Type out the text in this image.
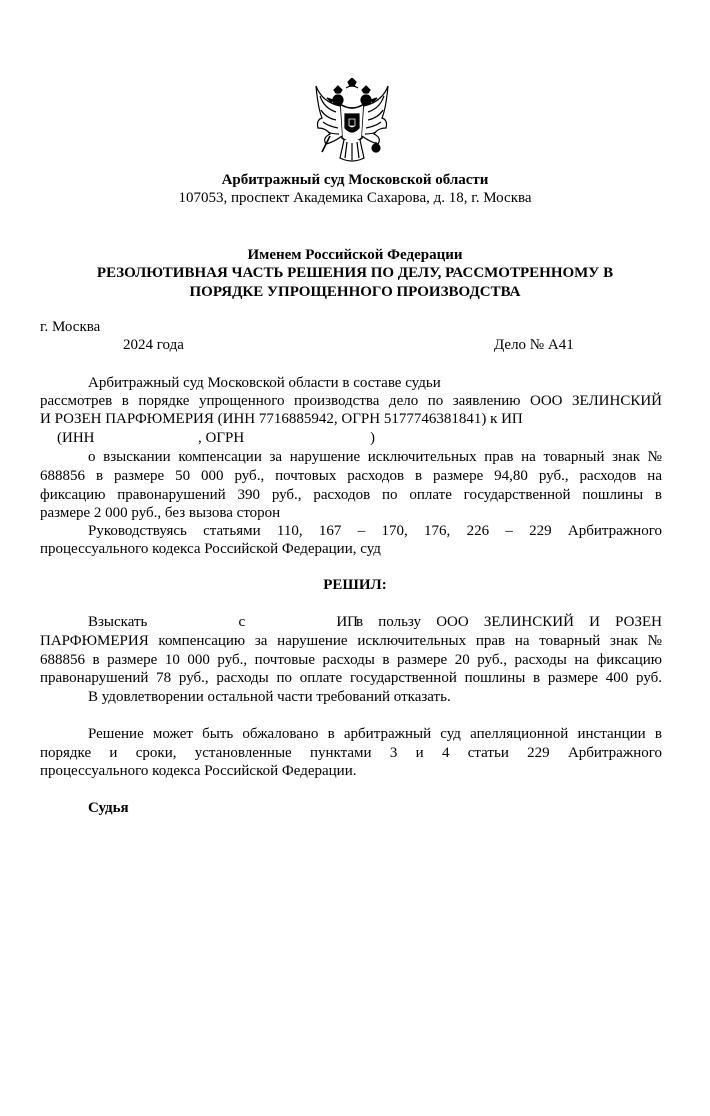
Арбитражный суд Московской области
107053, проспект Академика Сахарова, д. 18, г. Москва
Именем Российской Федерации
РЕЗОЛЮТИВНАЯ ЧАСТЬ РЕШЕНИЯ ПО ДЕЛУ, РАССМОТРЕННОМУ В
ПОРЯДКЕ УПРОЩЕННОГО ПРОИЗВОДСТВА
г. Москва
2024 года	Дело № А41
Арбитражный суд Московской области в составе судьи
рассмотрев в порядке упрощенного производства дело по заявлению ООО ЗЕЛИНСКИЙ
И РОЗЕН ПАРФЮМЕРИЯ (ИНН 7716885942, ОГРН 5177746381841) к ИП
(ИНН	, ОГРН	)
о взыскании компенсации за нарушение исключительных прав на товарный знак №
688856 в размере 50 000 руб., почтовых расходов в размере 94,80 руб., расходов на
фиксацию правонарушений 390 руб., расходов по оплате государственной пошлины в
размере 2 000 руб., без вызова сторон
Руководствуясь статьями 110, 167 – 170, 176, 226 – 229 Арбитражного
процессуального кодекса Российской Федерации, суд
РЕШИЛ:
Взыскать с ИП
в пользу ООО ЗЕЛИНСКИЙ И РОЗЕН
ПАРФЮМЕРИЯ компенсацию за нарушение исключительных прав на товарный знак №
688856 в размере 10 000 руб., почтовые расходы в размере 20 руб., расходы на фиксацию
правонарушений 78 руб., расходы по оплате государственной пошлины в размере 400 руб.
В удовлетворении остальной части требований отказать.
Решение может быть обжаловано в арбитражный суд апелляционной инстанции в
порядке и сроки, установленные пунктами 3 и 4 статьи 229 Арбитражного
процессуального кодекса Российской Федерации.
Судья
